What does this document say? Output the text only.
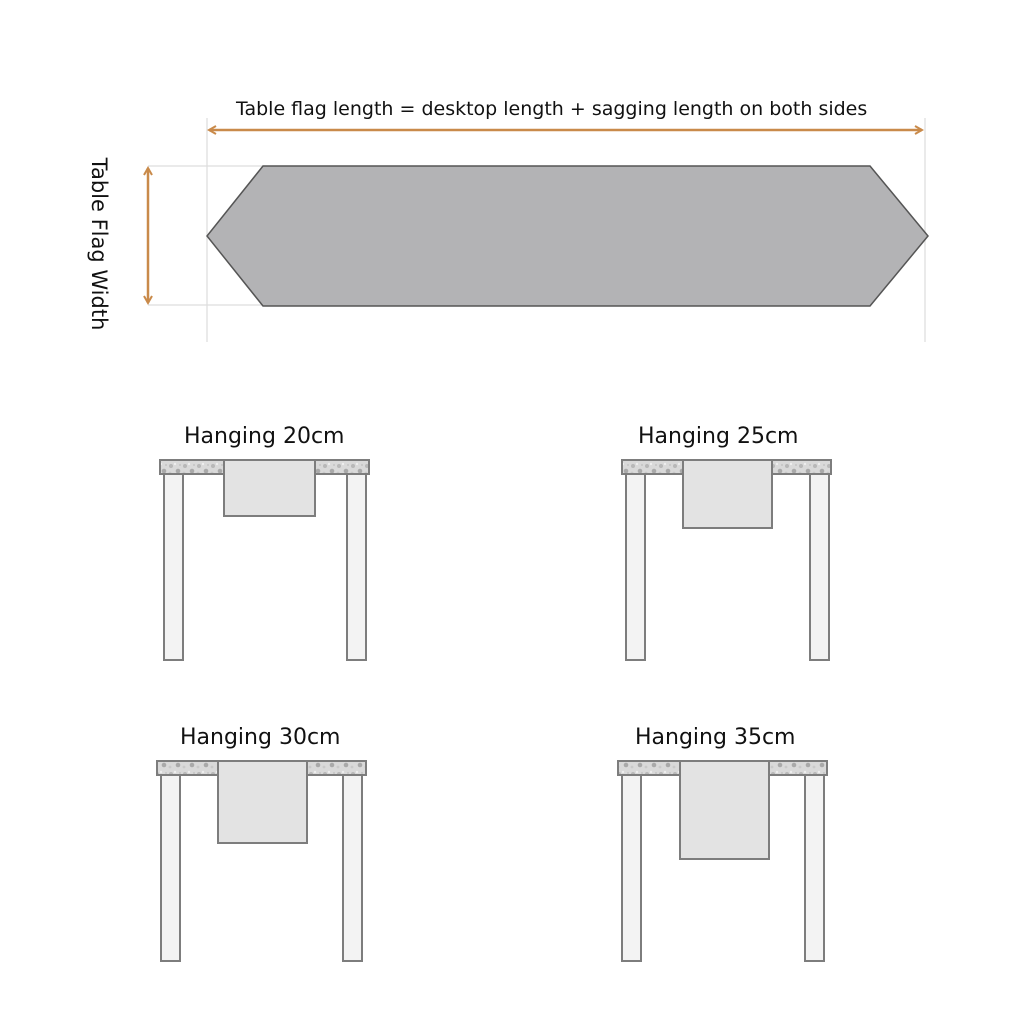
Table flag length = desktop length + sagging length on both sides
Table Flag Width
Hanging 20cm	Hanging 25cm
Hanging 30cm	Hanging 35cm
